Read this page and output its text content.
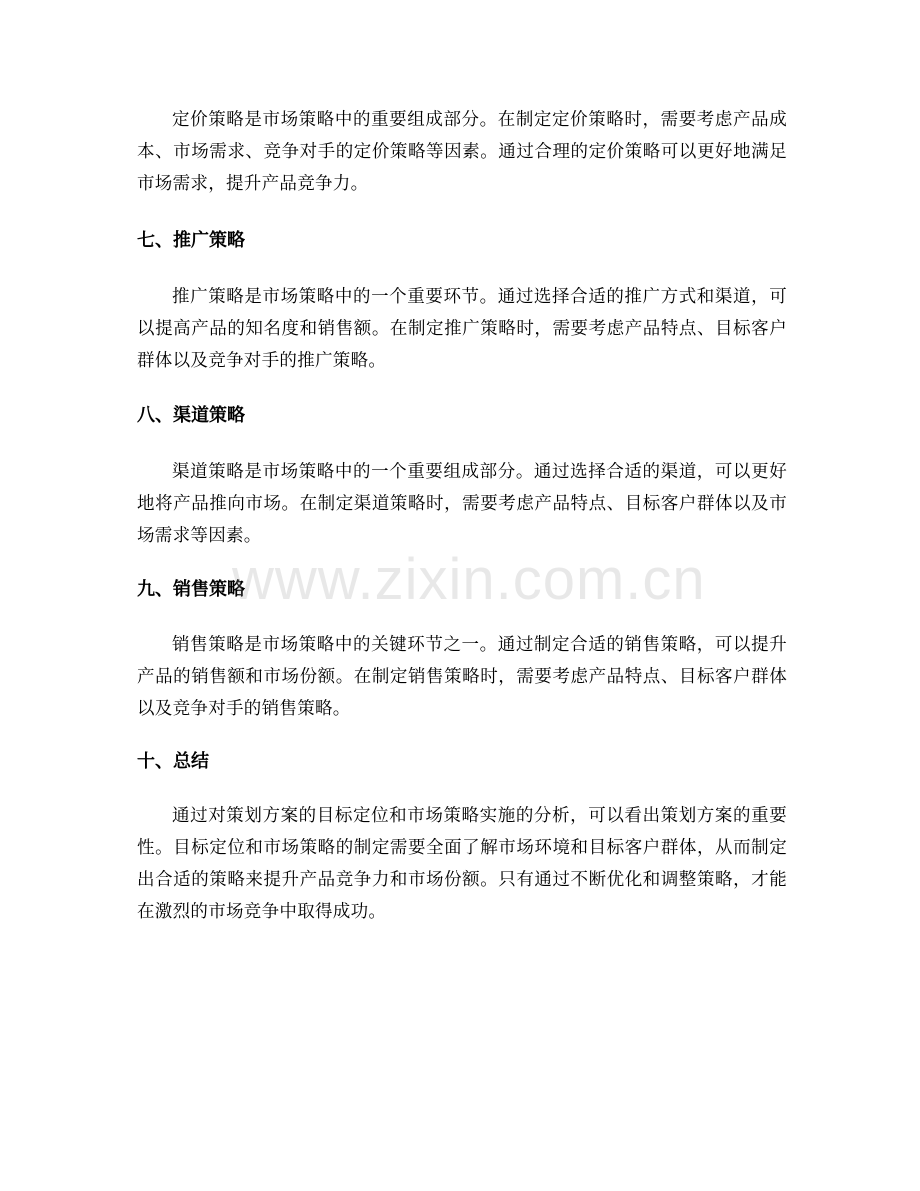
定价策略是市场策略中的重要组成部分。在制定定价策略时，需要考虑产品成本、市场需求、竞争对手的定价策略等因素。通过合理的定价策略可以更好地满足市场需求，提升产品竞争力。

七、推广策略

推广策略是市场策略中的一个重要环节。通过选择合适的推广方式和渠道，可以提高产品的知名度和销售额。在制定推广策略时，需要考虑产品特点、目标客户群体以及竞争对手的推广策略。

八、渠道策略

渠道策略是市场策略中的一个重要组成部分。通过选择合适的渠道，可以更好地将产品推向市场。在制定渠道策略时，需要考虑产品特点、目标客户群体以及市场需求等因素。

九、销售策略

销售策略是市场策略中的关键环节之一。通过制定合适的销售策略，可以提升产品的销售额和市场份额。在制定销售策略时，需要考虑产品特点、目标客户群体以及竞争对手的销售策略。

十、总结

通过对策划方案的目标定位和市场策略实施的分析，可以看出策划方案的重要性。目标定位和市场策略的制定需要全面了解市场环境和目标客户群体，从而制定出合适的策略来提升产品竞争力和市场份额。只有通过不断优化和调整策略，才能在激烈的市场竞争中取得成功。

www.zixin.com.cn
